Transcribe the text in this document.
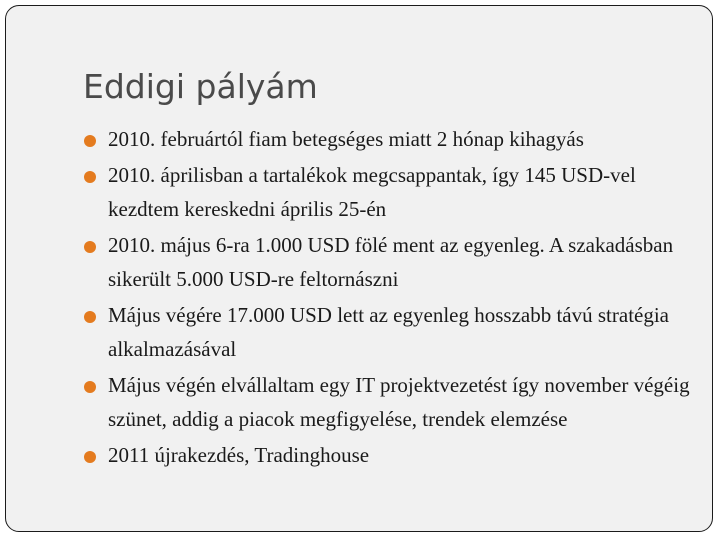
Eddigi pályám
2010. februártól fiam betegséges miatt 2 hónap kihagyás
2010. áprilisban a tartalékok megcsappantak, így 145 USD-vel kezdtem kereskedni április 25-én
2010. május 6-ra 1.000 USD fölé ment az egyenleg. A szakadásban sikerült 5.000 USD-re feltornászni
Május végére 17.000 USD lett az egyenleg hosszabb távú stratégia alkalmazásával
Május végén elvállaltam egy IT projektvezetést így november végéig szünet, addig a piacok megfigyelése, trendek elemzése
2011 újrakezdés, Tradinghouse
